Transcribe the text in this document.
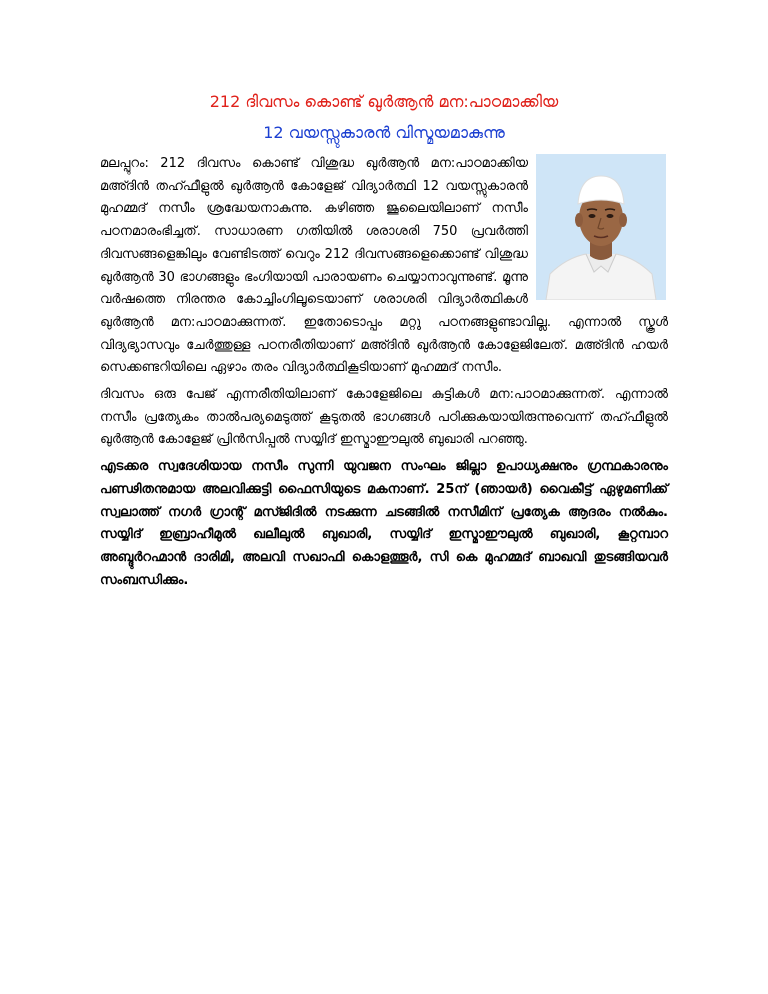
212 ദിവസം കൊണ്ട് ഖുർആൻ മന:പാഠമാക്കിയ
12 വയസ്സുകാരൻ വിസ്മയമാകുന്നു

മലപ്പുറം: 212 ദിവസം കൊണ്ട് വിശുദ്ധ ഖുർആൻ മന:പാഠമാക്കിയ മഅ്ദിൻ തഹ്ഫീളുൽ ഖുർആൻ കോളേജ് വിദ്യാർത്ഥി 12 വയസ്സുകാരൻ മുഹമ്മദ് നസീം ശ്രദ്ധേയനാകുന്നു. കഴിഞ്ഞ ജൂലൈയിലാണ് നസീം പഠനമാരംഭിച്ചത്. സാധാരണ ഗതിയിൽ ശരാശരി 750 പ്രവർത്തി ദിവസങ്ങളെങ്കിലും വേണ്ടിടത്ത് വെറും 212 ദിവസങ്ങളെക്കൊണ്ട് വിശുദ്ധ ഖുർആൻ 30 ഭാഗങ്ങളും ഭംഗിയായി പാരായണം ചെയ്യാനാവുന്നുണ്ട്. മൂന്നു വർഷത്തെ നിരന്തര കോച്ചിംഗിലൂടെയാണ് ശരാശരി വിദ്യാർത്ഥികൾ ഖുർആൻ മന:പാഠമാക്കുന്നത്. ഇതോടൊപ്പം മറ്റു പഠനങ്ങളുണ്ടാവില്ല. എന്നാൽ സ്കൂൾ വിദ്യഭ്യാസവും ചേർത്തുള്ള പഠനരീതിയാണ് മഅ്ദിൻ ഖുർആൻ കോളേജിലേത്. മഅ്ദിൻ ഹയർ സെക്കണ്ടറിയിലെ ഏഴാം തരം വിദ്യാർത്ഥികൂടിയാണ് മുഹമ്മദ് നസീം.

ദിവസം ഒരു പേജ് എന്നരീതിയിലാണ് കോളേജിലെ കുട്ടികൾ മന:പാഠമാക്കുന്നത്. എന്നാൽ നസീം പ്രത്യേകം താൽപര്യമെടുത്ത് കൂടുതൽ ഭാഗങ്ങൾ പഠിക്കുകയായിരുന്നുവെന്ന് തഹ്ഫീളുൽ ഖുർആൻ കോളേജ് പ്രിൻസിപ്പൽ സയ്യിദ് ഇസ്മാഈലുൽ ബുഖാരി പറഞ്ഞു.

എടക്കര സ്വദേശിയായ നസീം സുന്നി യുവജന സംഘം ജില്ലാ ഉപാധ്യക്ഷനും ഗ്രന്ഥകാരനും പണ്ഢിതനുമായ അലവിക്കുട്ടി ഫൈസിയുടെ മകനാണ്. 25ന് (ഞായർ) വൈകീട്ട് ഏഴുമണിക്ക് സ്വലാത്ത് നഗർ ഗ്രാന്റ് മസ്ജിദിൽ നടക്കുന്ന ചടങ്ങിൽ നസീമിന് പ്രത്യേക ആദരം നൽകും. സയ്യിദ് ഇബ്രാഹീമുൽ ഖലീലുൽ ബുഖാരി, സയ്യിദ് ഇസ്മാഈലുൽ ബുഖാരി, കൂറ്റമ്പാറ അബ്ദുർറഹ്മാൻ ദാരിമി, അലവി സഖാഫി കൊളത്തൂർ, സി കെ മുഹമ്മദ് ബാഖവി തുടങ്ങിയവർ സംബന്ധിക്കും.
